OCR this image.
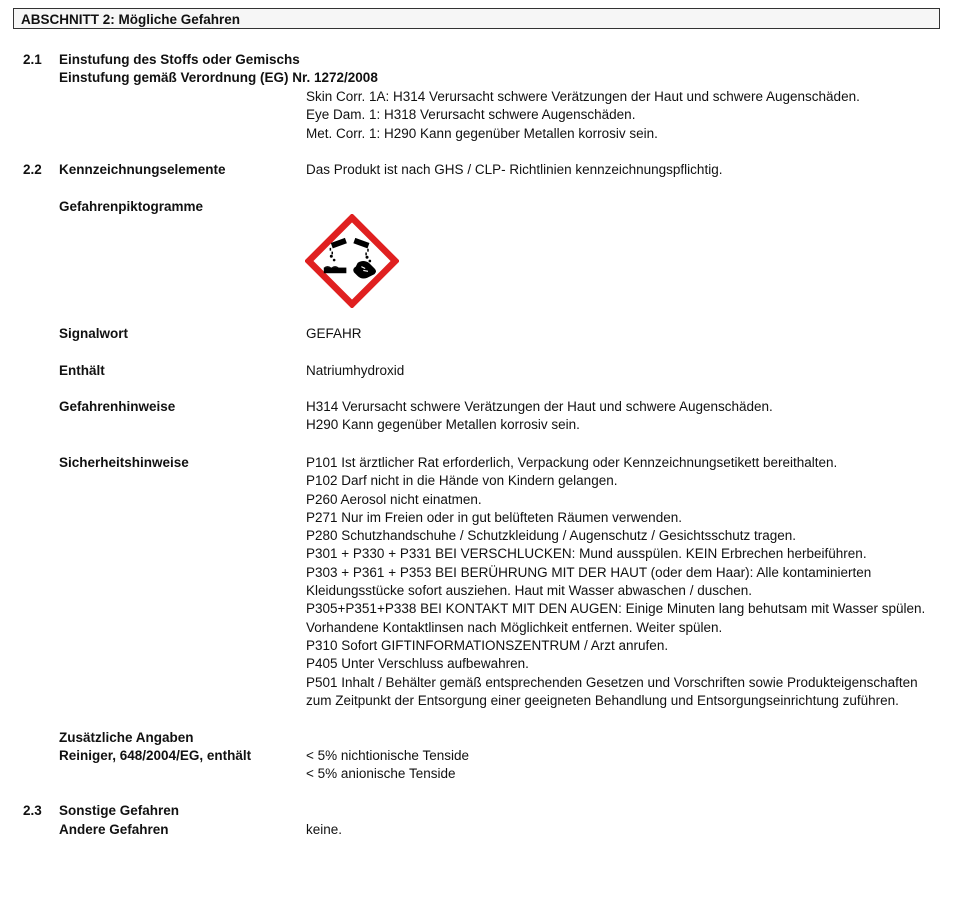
ABSCHNITT 2: Mögliche Gefahren
2.1 Einstufung des Stoffs oder Gemischs
Einstufung gemäß Verordnung (EG) Nr. 1272/2008
Skin Corr. 1A: H314 Verursacht schwere Verätzungen der Haut und schwere Augenschäden.
Eye Dam. 1: H318 Verursacht schwere Augenschäden.
Met. Corr. 1: H290 Kann gegenüber Metallen korrosiv sein.
2.2 Kennzeichnungselemente	Das Produkt ist nach GHS / CLP- Richtlinien kennzeichnungspflichtig.
Gefahrenpiktogramme
Signalwort	GEFAHR
Enthält	Natriumhydroxid
Gefahrenhinweise	H314 Verursacht schwere Verätzungen der Haut und schwere Augenschäden.
H290 Kann gegenüber Metallen korrosiv sein.
Sicherheitshinweise	P101 Ist ärztlicher Rat erforderlich, Verpackung oder Kennzeichnungsetikett bereithalten.
P102 Darf nicht in die Hände von Kindern gelangen.
P260 Aerosol nicht einatmen.
P271 Nur im Freien oder in gut belüfteten Räumen verwenden.
P280 Schutzhandschuhe / Schutzkleidung / Augenschutz / Gesichtsschutz tragen.
P301 + P330 + P331 BEI VERSCHLUCKEN: Mund ausspülen. KEIN Erbrechen herbeiführen.
P303 + P361 + P353 BEI BERÜHRUNG MIT DER HAUT (oder dem Haar): Alle kontaminierten
Kleidungsstücke sofort ausziehen. Haut mit Wasser abwaschen / duschen.
P305+P351+P338 BEI KONTAKT MIT DEN AUGEN: Einige Minuten lang behutsam mit Wasser spülen.
Vorhandene Kontaktlinsen nach Möglichkeit entfernen. Weiter spülen.
P310 Sofort GIFTINFORMATIONSZENTRUM / Arzt anrufen.
P405 Unter Verschluss aufbewahren.
P501 Inhalt / Behälter gemäß entsprechenden Gesetzen und Vorschriften sowie Produkteigenschaften
zum Zeitpunkt der Entsorgung einer geeigneten Behandlung und Entsorgungseinrichtung zuführen.
Zusätzliche Angaben
Reiniger, 648/2004/EG, enthält	< 5% nichtionische Tenside
< 5% anionische Tenside
2.3 Sonstige Gefahren
Andere Gefahren	keine.
